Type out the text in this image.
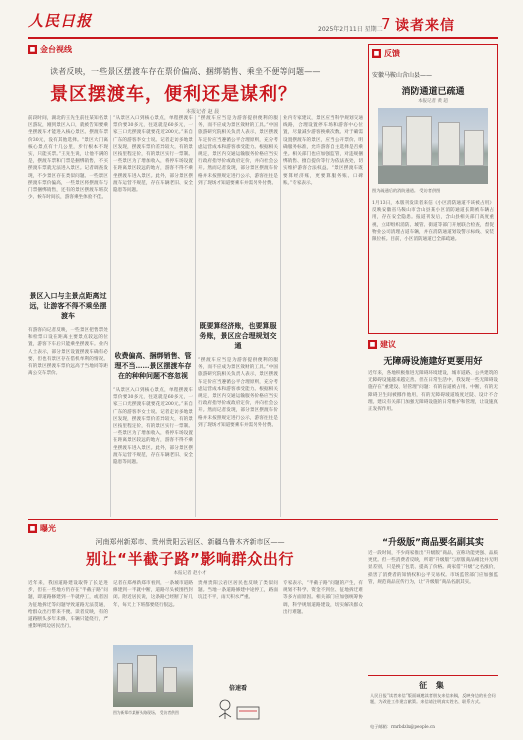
人民日报	2025年2月11日 星期二
7 读者来信
■ 金台视线
读者反映，一些景区摆渡车存在票价偏高、捆绑销售、乘坐不便等问题——
景区摆渡车，便利还是谋利？
本报记者 赵 晨
前段时间，湖北的王先生前往某知名景区游玩，刚到景区入口，就被告知要乘坐摆渡车才能进入核心景区。摆渡车票价30元，没有其他选择。“景区大门离核心景点有十几公里，步行根本不现实，只能买票。”王先生说，让他不满的是，摆渡车票和门票是捆绑销售，不买摆渡车票就无法进入景区。记者调查发现，不少景区存在类似问题。一些景区摆渡车票价偏高，一些景区将摆渡车与门票捆绑销售，还有的景区摆渡车班次少、候车时间长，游客乘坐体验不佳。
景区入口与主景点距离过远，让游客不得不乘坐摆渡车
有游客向记者反映，一些景区把售票处和检票口设在距离主要景点较远的位置，游客下车后只能乘坐摆渡车。业内人士表示，部分景区设置摆渡车确有必要，但也有景区存在借机牟利的情况。有的景区摆渡车票价远高于当地同等距离公交车票价。
“从景区入口到核心景点，单程摆渡车票价要30多元，往返就是60多元，一家三口光摆渡车就要花近200元。”来自广东的游客李女士说。记者走访多地景区发现，摆渡车票价差异较大，有的景区按里程定价，有的景区实行一票制。一些景区为了增加收入，将停车场设置在距离景区较远的地方，游客不得不乘坐摆渡车进入景区。此外，部分景区摆渡车运营不规范，存在车辆老旧、安全隐患等问题。
收费偏高、捆绑销售、管理不当……景区摆渡车存在的种种问题不容忽视
“从景区入口到核心景点，单程摆渡车票价要30多元，往返就是60多元，一家三口光摆渡车就要花近200元。”来自广东的游客李女士说。记者走访多地景区发现，摆渡车票价差异较大，有的景区按里程定价，有的景区实行一票制。一些景区为了增加收入，将停车场设置在距离景区较远的地方，游客不得不乘坐摆渡车进入景区。此外，部分景区摆渡车运营不规范，存在车辆老旧、安全隐患等问题。
“摆渡车应当是为游客提供便利的服务，而不应成为景区敛财的工具。”中国旅游研究院相关负责人表示，景区摆渡车定价应当遵循公平合理原则，充分考虑运营成本和游客承受能力。根据相关规定，景区内交通运输服务价格应当实行政府指导价或政府定价，并向社会公开。然而记者发现，部分景区摆渡车价格并未按照规定进行公示，游客往往是到了现场才知道要乘车并需另外付费。
既要算经济账，也要算服务账，景区应合理规划交通
“摆渡车应当是为游客提供便利的服务，而不应成为景区敛财的工具。”中国旅游研究院相关负责人表示，景区摆渡车定价应当遵循公平合理原则，充分考虑运营成本和游客承受能力。根据相关规定，景区内交通运输服务价格应当实行政府指导价或政府定价，并向社会公开。然而记者发现，部分景区摆渡车价格并未按照规定进行公示，游客往往是到了现场才知道要乘车并需另外付费。
业内专家建议，景区应当科学规划交通线路，合理设置停车场和游客中心位置，尽量减少游客换乘次数。对于确需设置摆渡车的景区，应当公开票价、明确服务标准，允许游客自主选择是否乘坐。相关部门也应加强监管，对违规捆绑销售、擅自提价等行为依法查处，切实维护游客合法权益。“景区摆渡车既要算经济账，更要算服务账、口碑账。”专家表示。
■ 反馈
安徽马鞍山含山县——
消防通道已疏通
本报记者 黄 超
图为疏通后的消防通道。 受访者供图
1月13日，本版刊发读者来信《小区消防通道不该被占用》反映安徽省马鞍山市含山县某小区消防通道长期被车辆占用，存在安全隐患。报道刊发后，含山县相关部门高度重视，立即组织消防、城管、街道等部门开展联合检查，督促物业公司清理占道车辆，并在消防通道划设警示标线、安装限位桩。目前，小区消防通道已全部疏通。
■ 建议
无障碍设施建好更要用好
近年来，各地积极推进无障碍环境建设，城市道路、公共建筑的无障碍设施越来越完善。但在日常生活中，我发现一些无障碍设施存在“重建设、轻管理”问题：有的盲道被占用、中断，有的无障碍卫生间被挪作他用，有的无障碍坡道坡度过陡、设计不合理。建议有关部门加强无障碍设施的日常维护和管理，让设施真正发挥作用。
■ 曝光
河南郑州新郑市、贵州贵阳云岩区、新疆乌鲁木齐新市区——
别让“半截子路”影响群众出行
本报记者 赵小才
近年来，我国道路建设取得了长足进步，但在一些地方仍存在“半截子路”问题，即道路修建到一半就停工，或者因为征地拆迁等问题导致道路无法贯通，给群众出行带来不便。读者反映，有的道路断头多年未修，车辆只能绕行，严重影响周边居民出行。
记者在郑州新郑市看到，一条城市道路修建到一半就中断，道路尽头被围挡封闭。附近居民说，这条路已经断了好几年，每天上下班都要绕行很远。
图为新郑市某断头路现场。 受访者供图
贵州贵阳云岩区居民也反映了类似问题。当地一条道路修建中途停工，路面坑洼不平，雨天积水严重。
倍速看
专家表示，“半截子路”问题的产生，有规划不科学、资金不到位、征地拆迁难等多方面原因。相关部门应加强统筹协调，科学规划道路建设，切实解决群众出行难题。
“升级版”商品要名副其实
近一段时间，不少商家推出“升级版”商品，宣称功能更强、品质更优。但一些消费者反映，所谓“升级版”与原版商品相比并无明显差别，只是换了包装、提高了价格。商家借“升级”之名涨价，损害了消费者的知情权和公平交易权。市场监管部门应加强监管，规范商品宣传行为，让“升级版”商品名副其实。
征 集
人民日报“读者来信”版面诚邀读者朋友来信来稿，反映身边的社会问题，为改进工作建言献策。来信请注明真实姓名、联系方式。
电子邮箱：rmrbdzlx@people.cn
